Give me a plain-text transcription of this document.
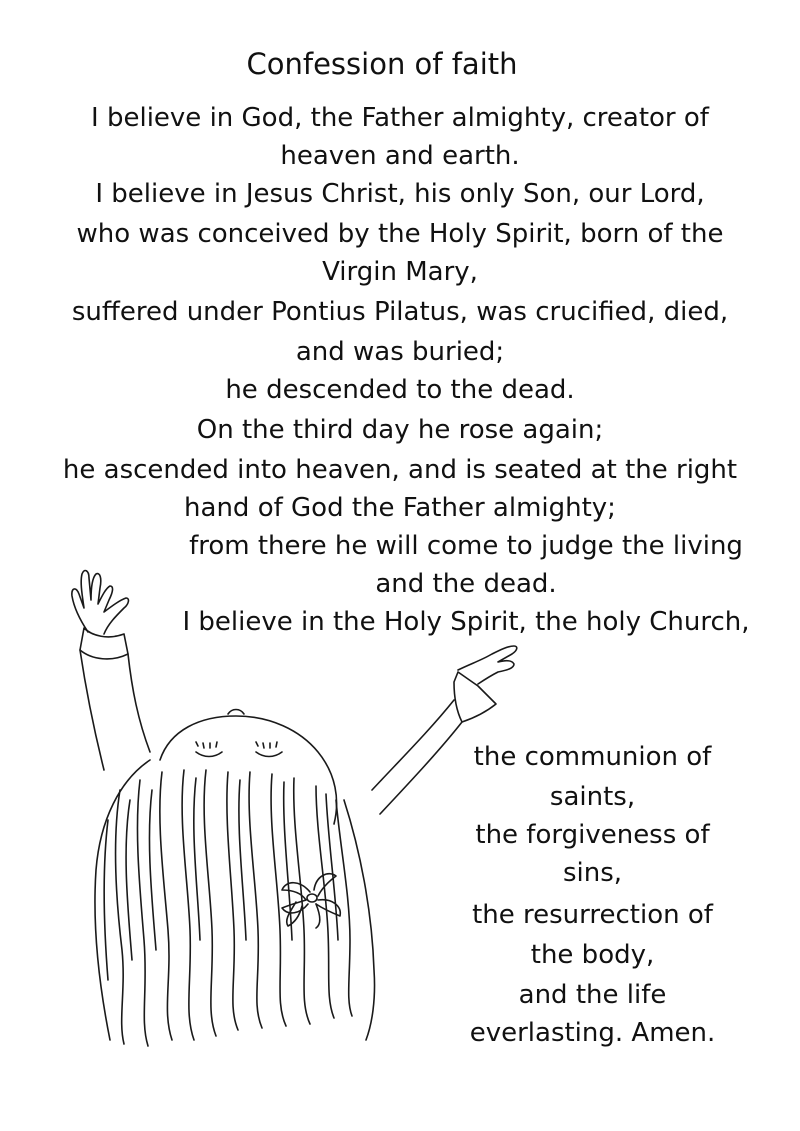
Confession of faith
I believe in God, the Father almighty, creator of
heaven and earth.
I believe in Jesus Christ, his only Son, our Lord,
who was conceived by the Holy Spirit, born of the
Virgin Mary,
suffered under Pontius Pilatus, was crucified, died,
and was buried;
he descended to the dead.
On the third day he rose again;
he ascended into heaven, and is seated at the right
hand of God the Father almighty;
from there he will come to judge the living
and the dead.
I believe in the Holy Spirit, the holy Church,
the communion of
saints,
the forgiveness of
sins,
the resurrection of
the body,
and the life
everlasting. Amen.
